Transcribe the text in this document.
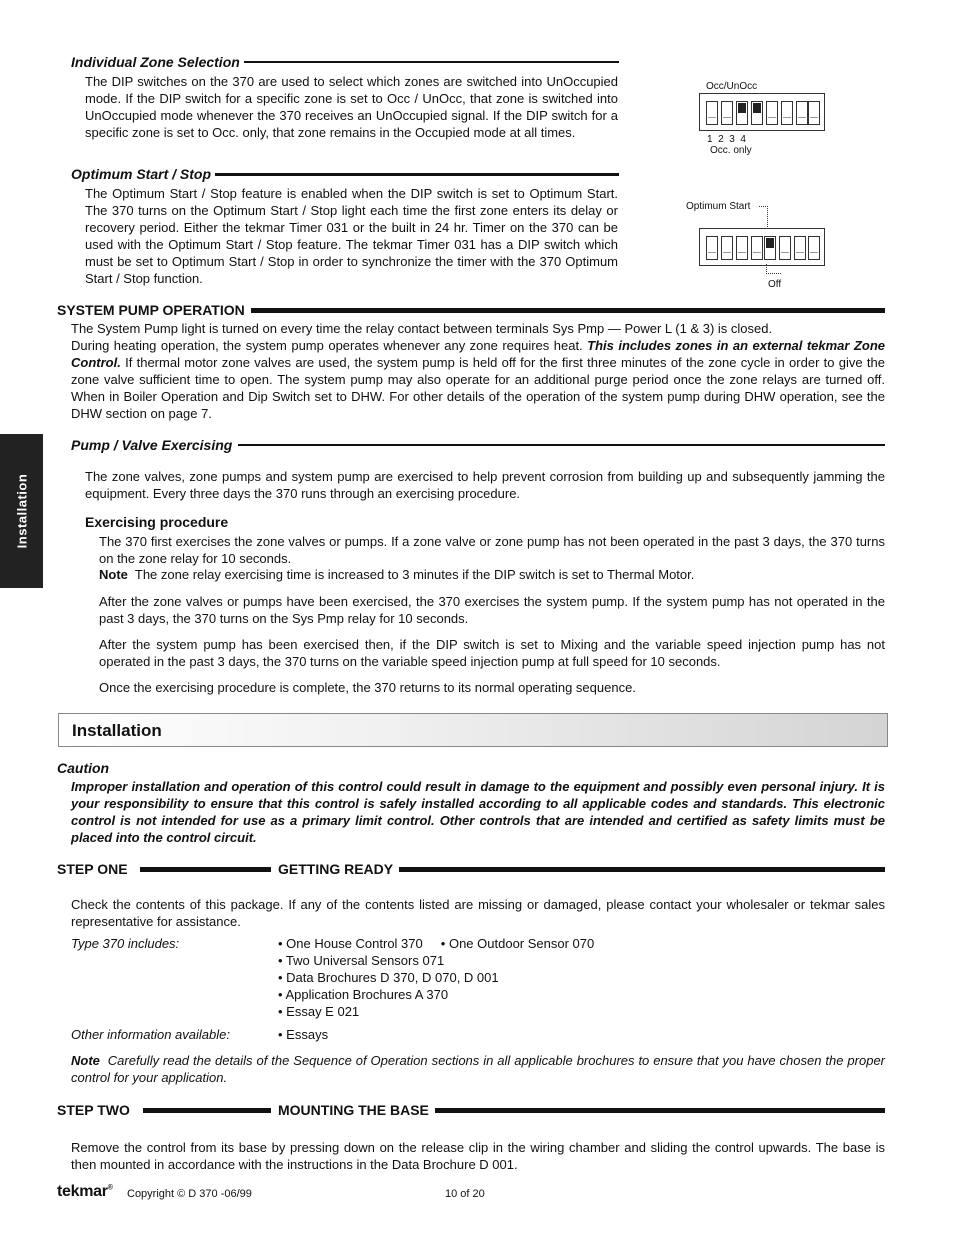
Individual Zone Selection

The DIP switches on the 370 are used to select which zones are switched into UnOccupied mode. If the DIP switch for a specific zone is set to Occ / UnOcc, that zone is switched into UnOccupied mode whenever the 370 receives an UnOccupied signal. If the DIP switch for a specific zone is set to Occ. only, that zone remains in the Occupied mode at all times.

Optimum Start / Stop

The Optimum Start / Stop feature is enabled when the DIP switch is set to Optimum Start. The 370 turns on the Optimum Start / Stop light each time the first zone enters its delay or recovery period. Either the tekmar Timer 031 or the built in 24 hr. Timer on the 370 can be used with the Optimum Start / Stop feature. The tekmar Timer 031 has a DIP switch which must be set to Optimum Start / Stop in order to synchronize the timer with the 370 Optimum Start / Stop function.

Occ/UnOcc
1  2  3  4
Occ. only
Optimum Start
Off
SYSTEM PUMP OPERATION

The System Pump light is turned on every time the relay contact between terminals Sys Pmp — Power L (1 & 3) is closed.

During heating operation, the system pump operates whenever any zone requires heat. This includes zones in an external tekmar Zone Control. If thermal motor zone valves are used, the system pump is held off for the first three minutes of the zone cycle in order to give the zone valve sufficient time to open. The system pump may also operate for an additional purge period once the zone relays are turned off. When in Boiler Operation and Dip Switch set to DHW. For other details of the operation of the system pump during DHW operation, see the DHW section on page 7.

Installation
Pump / Valve Exercising

The zone valves, zone pumps and system pump are exercised to help prevent corrosion from building up and subsequently jamming the equipment. Every three days the 370 runs through an exercising procedure.

Exercising procedure

The 370 first exercises the zone valves or pumps. If a zone valve or zone pump has not been operated in the past 3 days, the 370 turns on the zone relay for 10 seconds.

Note The zone relay exercising time is increased to 3 minutes if the DIP switch is set to Thermal Motor.

After the zone valves or pumps have been exercised, the 370 exercises the system pump. If the system pump has not operated in the past 3 days, the 370 turns on the Sys Pmp relay for 10 seconds.

After the system pump has been exercised then, if the DIP switch is set to Mixing and the variable speed injection pump has not operated in the past 3 days, the 370 turns on the variable speed injection pump at full speed for 10 seconds.

Once the exercising procedure is complete, the 370 returns to its normal operating sequence.

Installation
Caution

Improper installation and operation of this control could result in damage to the equipment and possibly even personal injury. It is your responsibility to ensure that this control is safely installed according to all applicable codes and standards. This electronic control is not intended for use as a primary limit control. Other controls that are intended and certified as safety limits must be placed into the control circuit.

STEP ONE	GETTING READY

Check the contents of this package. If any of the contents listed are missing or damaged, please contact your wholesaler or tekmar sales representative for assistance.

Type 370 includes:	• One House Control 370     • One Outdoor Sensor 070

• Two Universal Sensors 071

• Data Brochures D 370, D 070, D 001

• Application Brochures A 370

• Essay E 021

Other information available:	• Essays

Note Carefully read the details of the Sequence of Operation sections in all applicable brochures to ensure that you have chosen the proper control for your application.

STEP TWO	MOUNTING THE BASE

Remove the control from its base by pressing down on the release clip in the wiring chamber and sliding the control upwards. The base is then mounted in accordance with the instructions in the Data Brochure D 001.

tekmar® Copyright © D 370 -06/99	10 of 20
